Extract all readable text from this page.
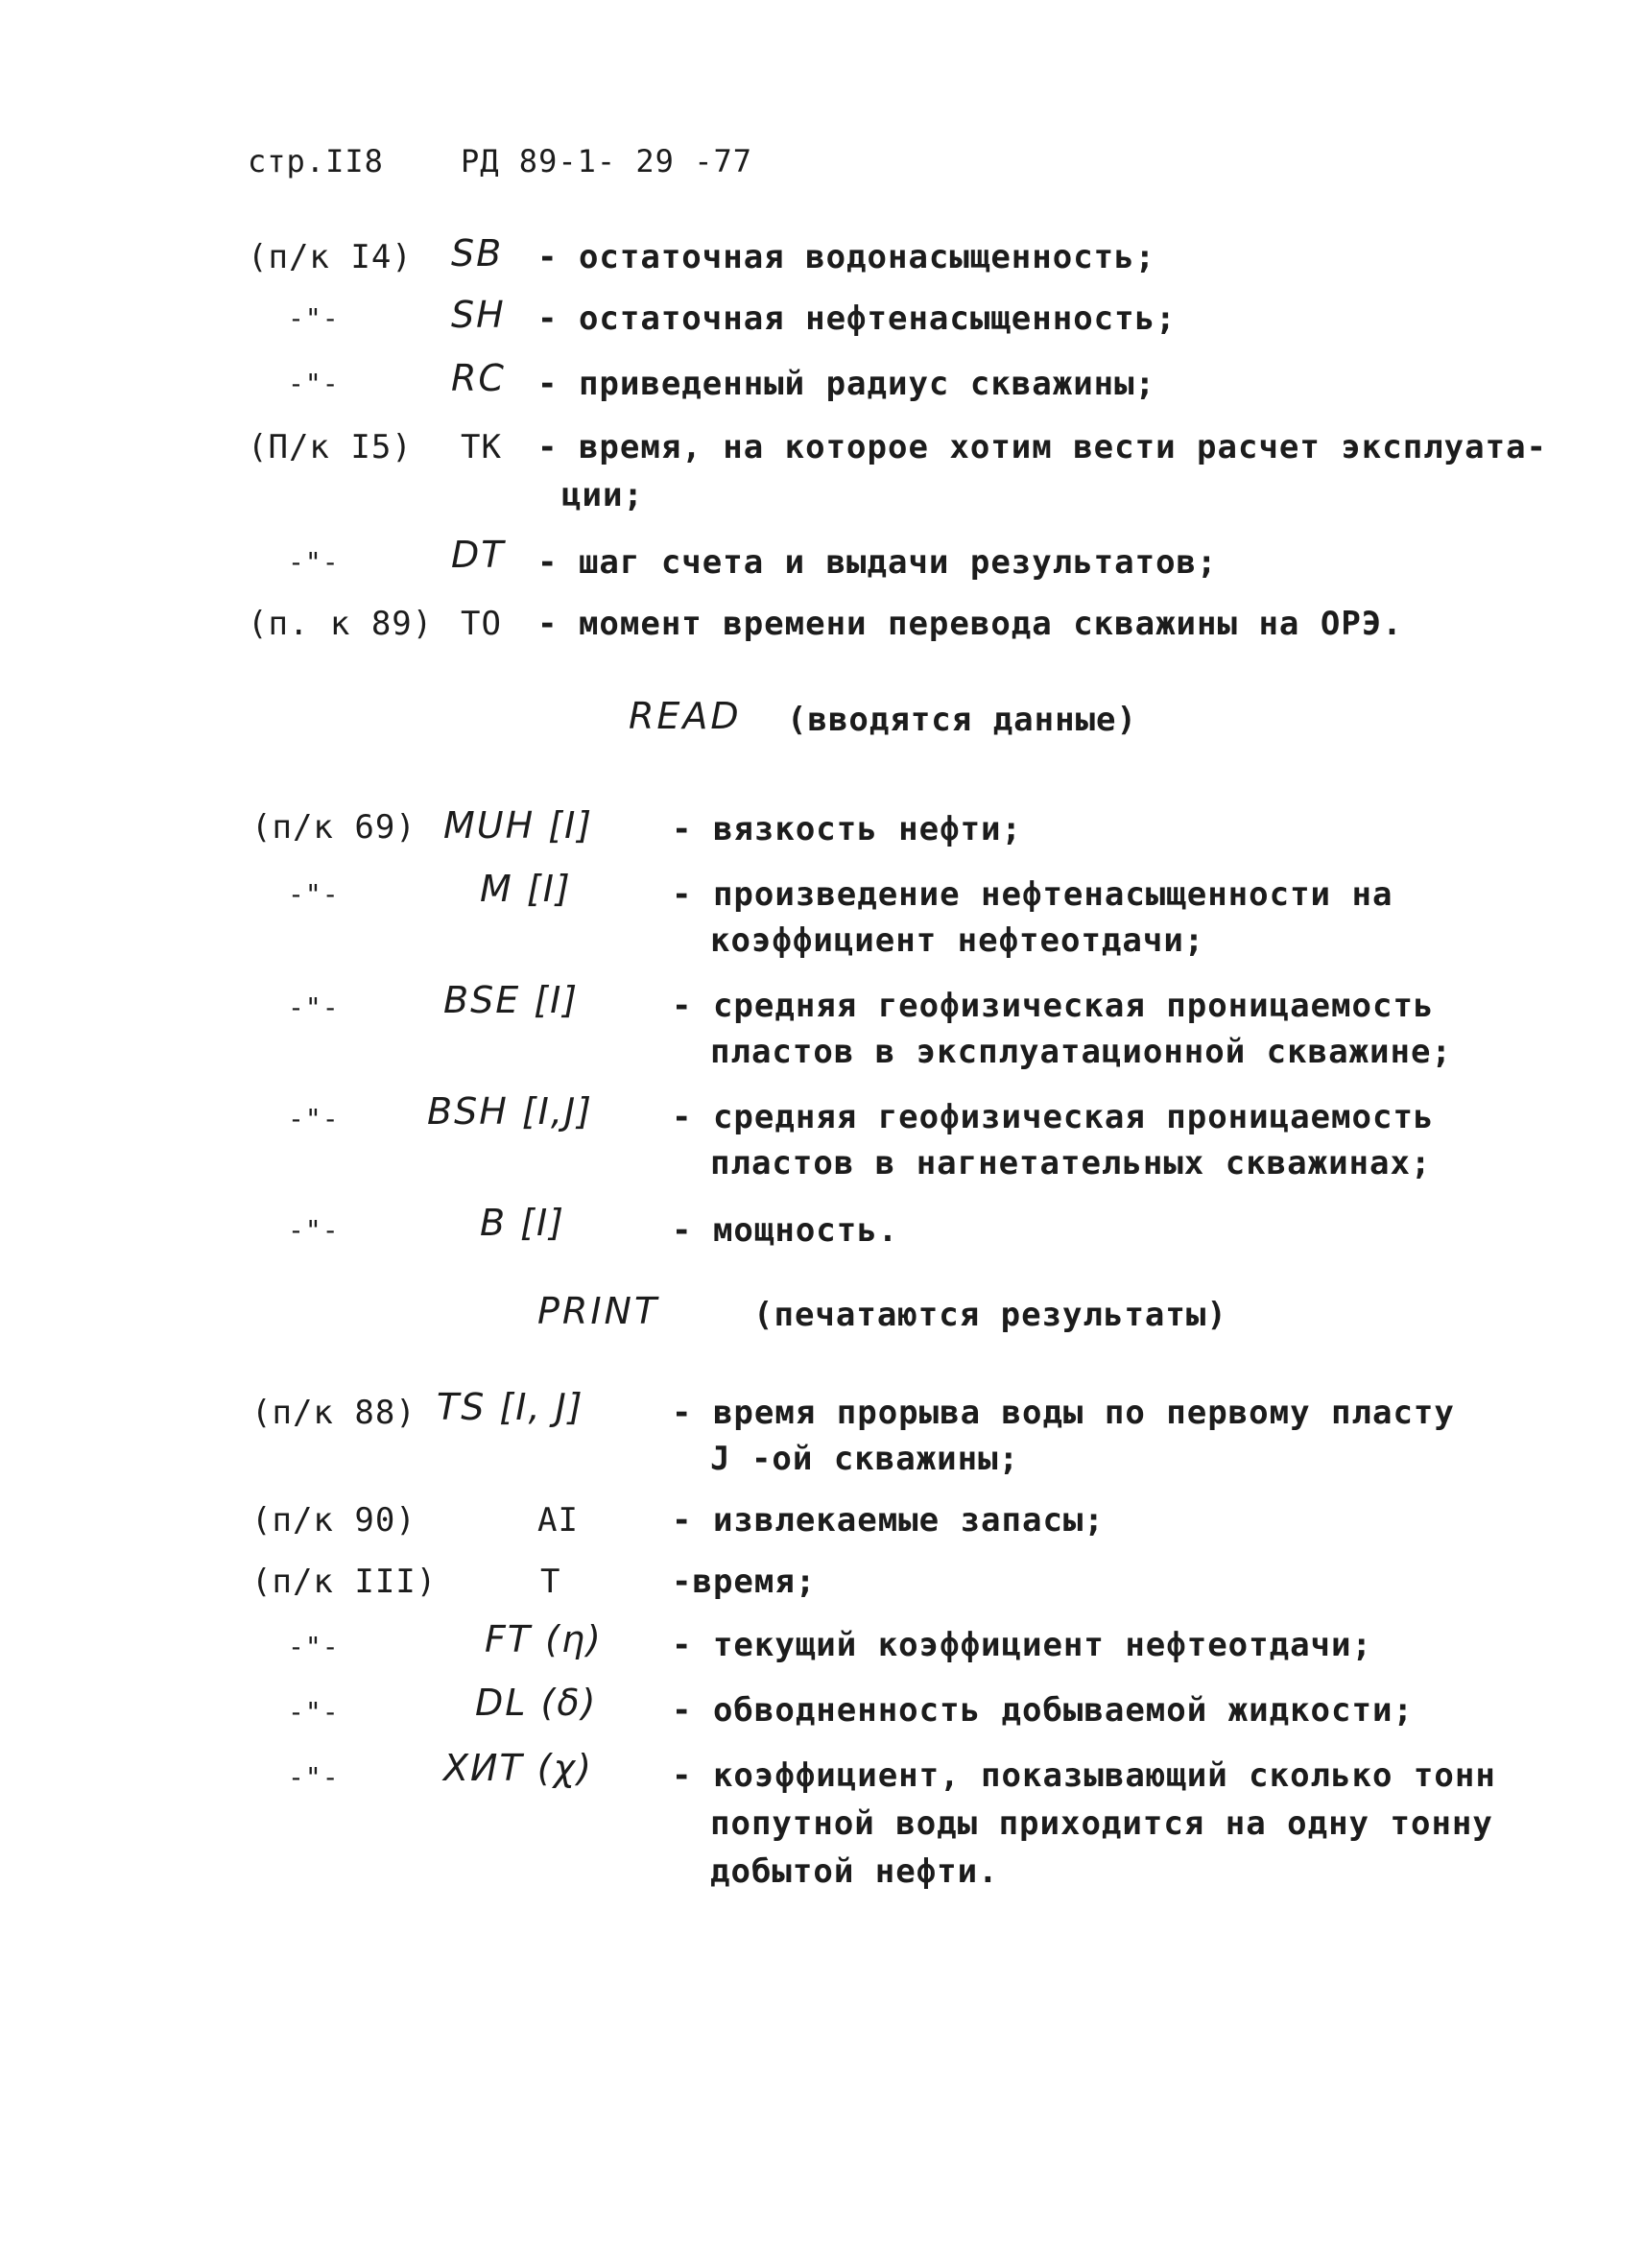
стр.II8	РД 89-1- 29 -77
(п/к I4) SB - остаточная водонасыщенность;
-"-	SH - остаточная нефтенасыщенность;
-"-	RC - приведенный радиус скважины;
(П/к I5) ТК - время, на которое хотим вести расчет эксплуата-
ции;
-"-	DT - шаг счета и выдачи результатов;
(п. к 89) ТО - момент времени перевода скважины на ОРЭ.
READ (вводятся данные)
(п/к 69) MUH [I] - вязкость нефти;
-"-	M [I]	- произведение нефтенасыщенности на
коэффициент нефтеотдачи;
-"-	BSE [I]	- средняя геофизическая проницаемость
пластов в эксплуатационной скважине;
-"- BSH [I,J] - средняя геофизическая проницаемость
пластов в нагнетательных скважинах;
-"-	В [I]	- мощность.
PRINT	(печатаются результаты)
(п/к 88) TS [I, J]	- время прорыва воды по первому пласту
J -ой скважины;
(п/к 90)	AI	- извлекаемые запасы;
(п/к III)	T	-время;
-"-	FT (η) - текущий коэффициент нефтеотдачи;
-"-	DL (δ) - обводненность добываемой жидкости;
-"-	ХИТ (χ) - коэффициент, показывающий сколько тонн
попутной воды приходится на одну тонну
добытой нефти.
